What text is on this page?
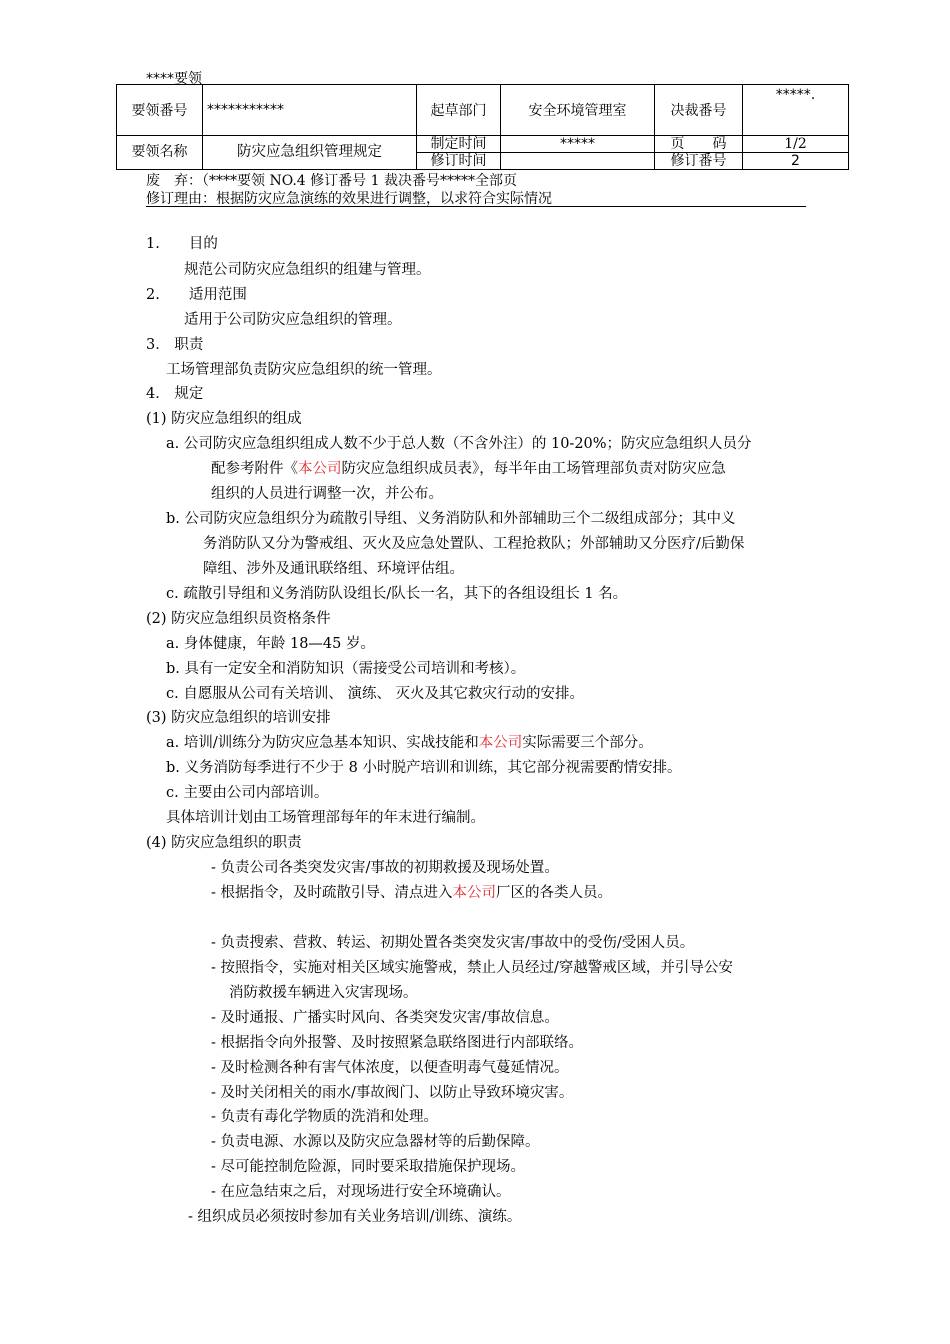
****要领
要领番号	***********	起草部门	安全环境管理室	决裁番号	*****.
要领名称	防灾应急组织管理规定	制定时间	*****	页　　码	1/2
		修订时间		修订番号	2
废　弃：（****要领 NO.4 修订番号 1 裁决番号*****全部页
修订理由：根据防灾应急演练的效果进行调整，以求符合实际情况
1.　　目的
规范公司防灾应急组织的组建与管理。
2.　　适用范围
适用于公司防灾应急组织的管理。
3． 职责
工场管理部负责防灾应急组织的统一管理。
4． 规定
(1) 防灾应急组织的组成
a. 公司防灾应急组织组成人数不少于总人数（不含外注）的 10-20%；防灾应急组织人员分
配参考附件《本公司防灾应急组织成员表》，每半年由工场管理部负责对防灾应急
组织的人员进行调整一次，并公布。
b. 公司防灾应急组织分为疏散引导组、义务消防队和外部辅助三个二级组成部分；其中义
务消防队又分为警戒组、灭火及应急处置队、工程抢救队；外部辅助又分医疗/后勤保
障组、涉外及通讯联络组、环境评估组。
c. 疏散引导组和义务消防队设组长/队长一名，其下的各组设组长 1 名。
(2) 防灾应急组织员资格条件
a. 身体健康，年龄 18—45 岁。
b. 具有一定安全和消防知识（需接受公司培训和考核）。
c. 自愿服从公司有关培训、 演练、 灭火及其它救灾行动的安排。
(3) 防灾应急组织的培训安排
a. 培训/训练分为防灾应急基本知识、实战技能和本公司实际需要三个部分。
b. 义务消防每季进行不少于 8 小时脱产培训和训练，其它部分视需要酌情安排。
c. 主要由公司内部培训。
具体培训计划由工场管理部每年的年末进行编制。
(4) 防灾应急组织的职责
- 负责公司各类突发灾害/事故的初期救援及现场处置。
- 根据指令，及时疏散引导、清点进入本公司厂区的各类人员。
- 负责搜索、营救、转运、初期处置各类突发灾害/事故中的受伤/受困人员。
- 按照指令，实施对相关区域实施警戒，禁止人员经过/穿越警戒区域，并引导公安
消防救援车辆进入灾害现场。
- 及时通报、广播实时风向、各类突发灾害/事故信息。
- 根据指令向外报警、及时按照紧急联络图进行内部联络。
- 及时检测各种有害气体浓度，以便查明毒气蔓延情况。
- 及时关闭相关的雨水/事故阀门、以防止导致环境灾害。
- 负责有毒化学物质的洗消和处理。
- 负责电源、水源以及防灾应急器材等的后勤保障。
- 尽可能控制危险源，同时要采取措施保护现场。
- 在应急结束之后，对现场进行安全环境确认。
- 组织成员必须按时参加有关业务培训/训练、演练。
